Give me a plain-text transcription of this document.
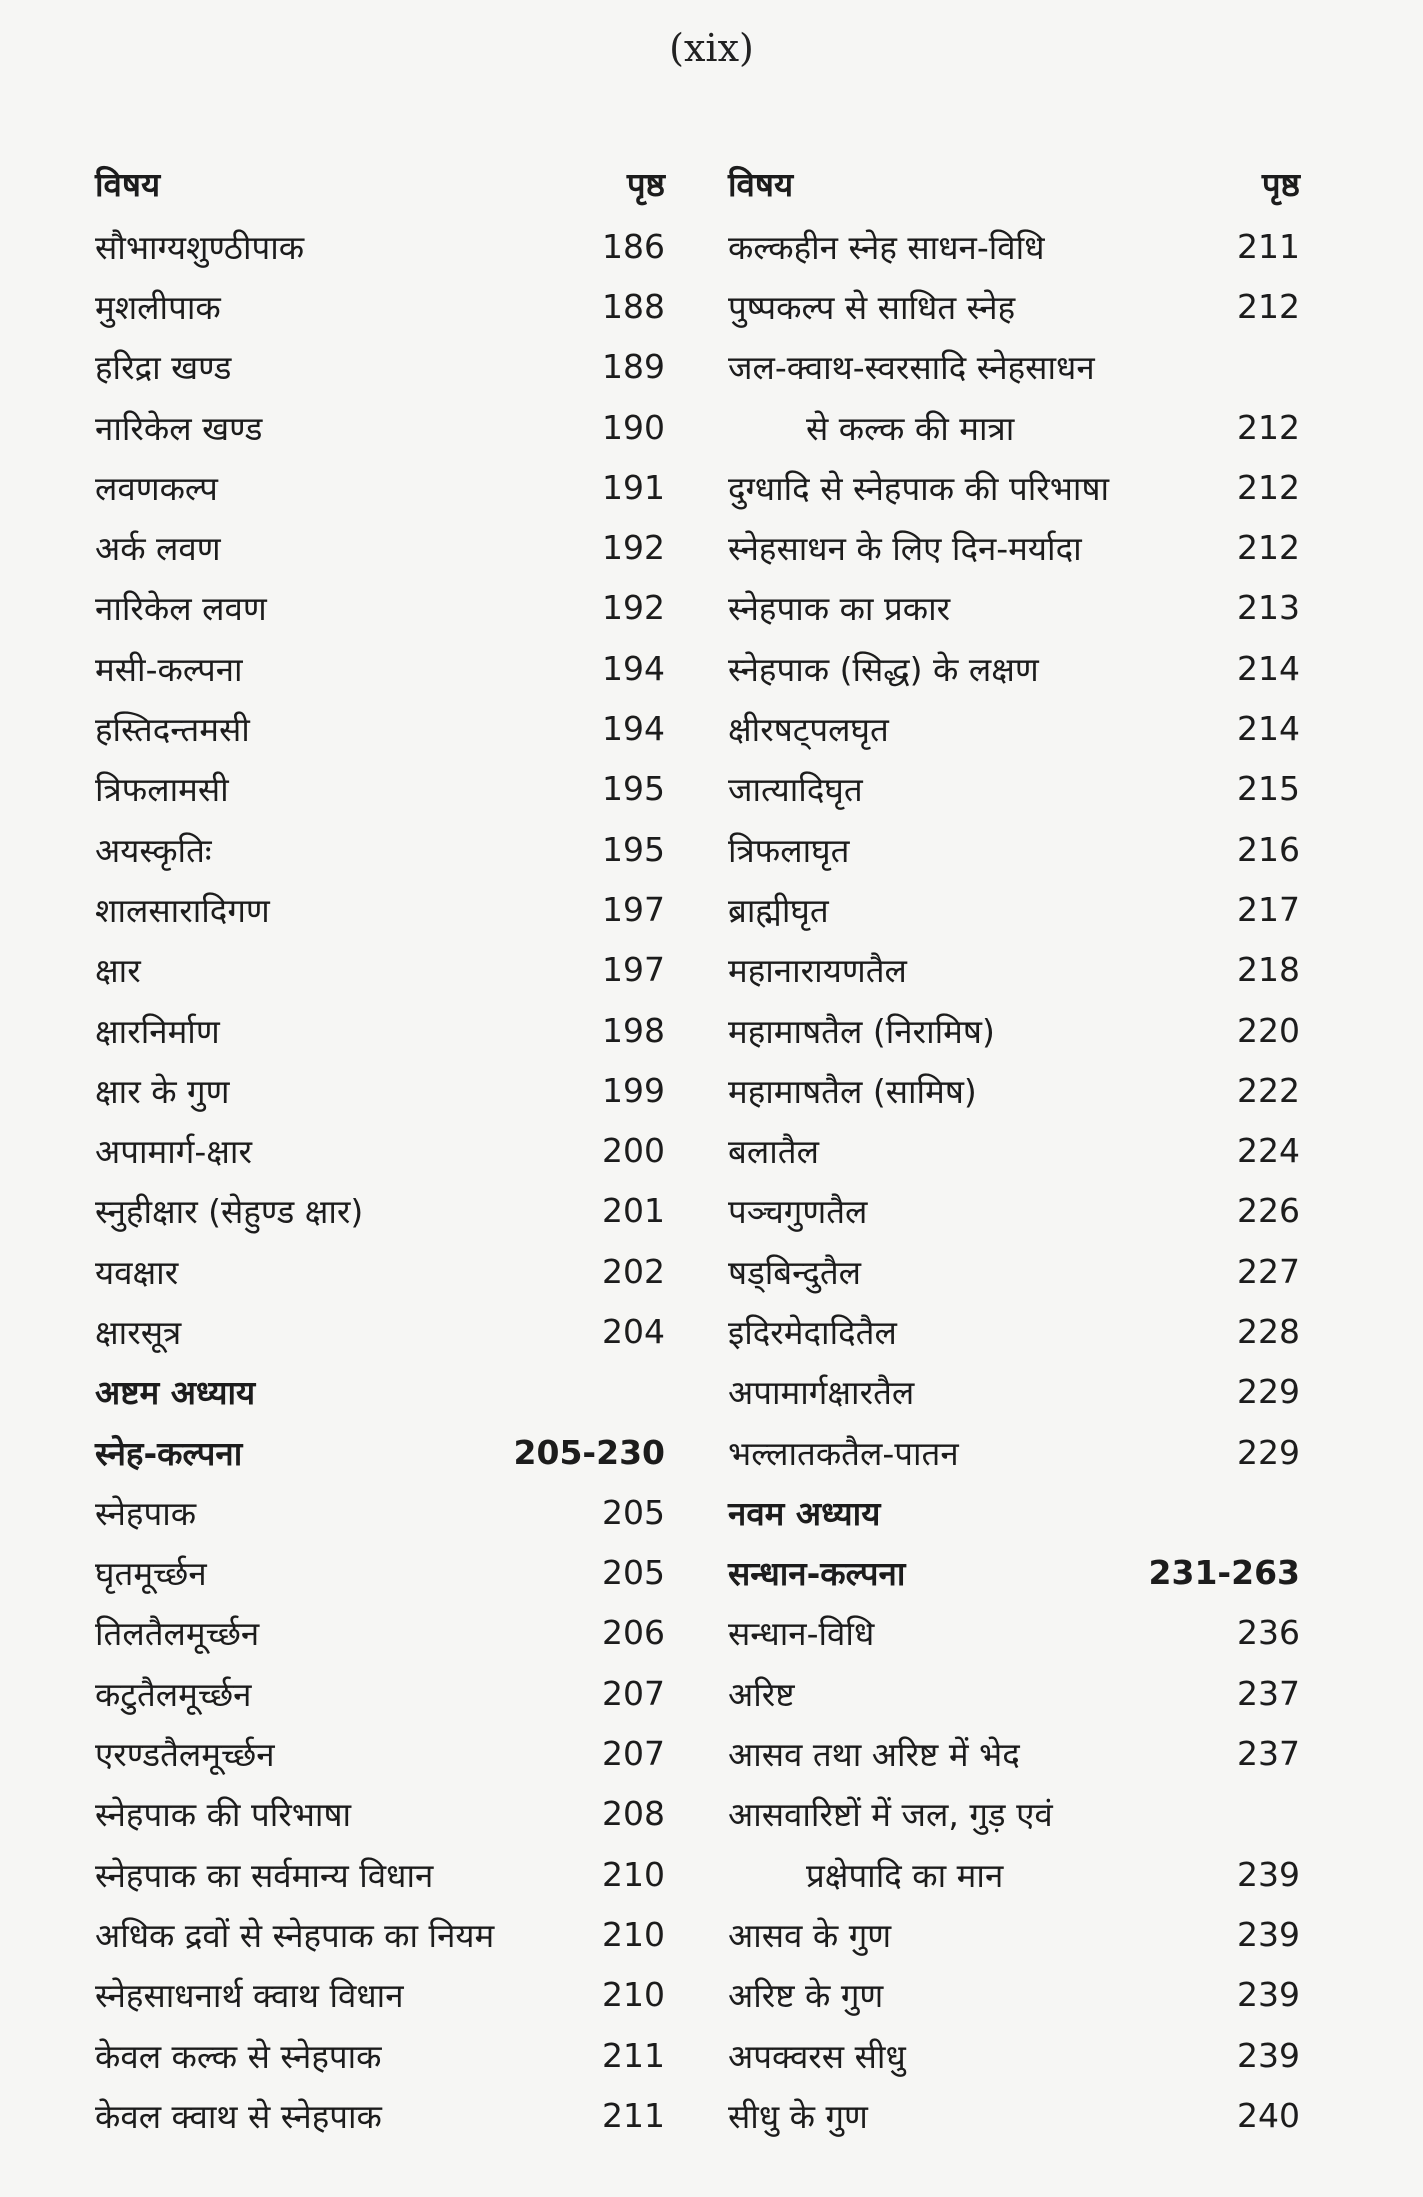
(xix)
विषय	पृष्ठ
सौभाग्यशुण्ठीपाक	186
मुशलीपाक	188
हरिद्रा खण्ड	189
नारिकेल खण्ड	190
लवणकल्प	191
अर्क लवण	192
नारिकेल लवण	192
मसी-कल्पना	194
हस्तिदन्तमसी	194
त्रिफलामसी	195
अयस्कृतिः	195
शालसारादिगण	197
क्षार	197
क्षारनिर्माण	198
क्षार के गुण	199
अपामार्ग-क्षार	200
स्नुहीक्षार (सेहुण्ड क्षार)	201
यवक्षार	202
क्षारसूत्र	204
अष्टम अध्याय
स्नेह-कल्पना	205-230
स्नेहपाक	205
घृतमूर्च्छन	205
तिलतैलमूर्च्छन	206
कटुतैलमूर्च्छन	207
एरण्डतैलमूर्च्छन	207
स्नेहपाक की परिभाषा	208
स्नेहपाक का सर्वमान्य विधान	210
अधिक द्रवों से स्नेहपाक का नियम	210
स्नेहसाधनार्थ क्वाथ विधान	210
केवल कल्क से स्नेहपाक	211
केवल क्वाथ से स्नेहपाक	211
विषय	पृष्ठ
कल्कहीन स्नेह साधन-विधि	211
पुष्पकल्प से साधित स्नेह	212
जल-क्वाथ-स्वरसादि स्नेहसाधन
से कल्क की मात्रा	212
दुग्धादि से स्नेहपाक की परिभाषा	212
स्नेहसाधन के लिए दिन-मर्यादा	212
स्नेहपाक का प्रकार	213
स्नेहपाक (सिद्ध) के लक्षण	214
क्षीरषट्पलघृत	214
जात्यादिघृत	215
त्रिफलाघृत	216
ब्राह्मीघृत	217
महानारायणतैल	218
महामाषतैल (निरामिष)	220
महामाषतैल (सामिष)	222
बलातैल	224
पञ्चगुणतैल	226
षड्बिन्दुतैल	227
इदिरमेदादितैल	228
अपामार्गक्षारतैल	229
भल्लातकतैल-पातन	229
नवम अध्याय
सन्धान-कल्पना	231-263
सन्धान-विधि	236
अरिष्ट	237
आसव तथा अरिष्ट में भेद	237
आसवारिष्टों में जल, गुड़ एवं
प्रक्षेपादि का मान	239
आसव के गुण	239
अरिष्ट के गुण	239
अपक्वरस सीधु	239
सीधु के गुण	240
